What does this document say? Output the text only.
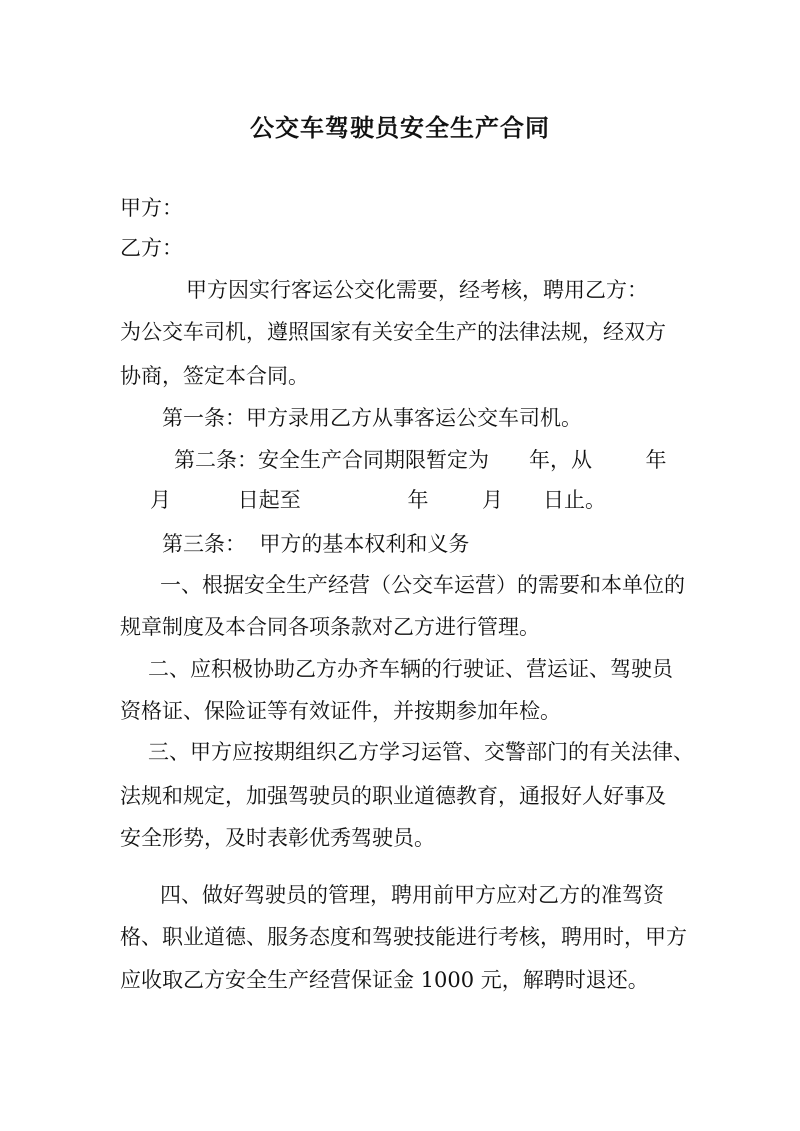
公交车驾驶员安全生产合同
甲方：
乙方：
甲方因实行客运公交化需要，经考核，聘用乙方：
为公交车司机，遵照国家有关安全生产的法律法规，经双方
协商，签定本合同。
第一条：甲方录用乙方从事客运公交车司机。
第二条：安全生产合同期限暂定为      年，从        年
月          日起至                年        月      日止。
第三条：  甲方的基本权利和义务
一、根据安全生产经营（公交车运营）的需要和本单位的
规章制度及本合同各项条款对乙方进行管理。
二、应积极协助乙方办齐车辆的行驶证、营运证、驾驶员
资格证、保险证等有效证件，并按期参加年检。
三、甲方应按期组织乙方学习运管、交警部门的有关法律、
法规和规定，加强驾驶员的职业道德教育，通报好人好事及
安全形势，及时表彰优秀驾驶员。
四、做好驾驶员的管理，聘用前甲方应对乙方的准驾资
格、职业道德、服务态度和驾驶技能进行考核，聘用时，甲方
应收取乙方安全生产经营保证金 1000 元，解聘时退还。
